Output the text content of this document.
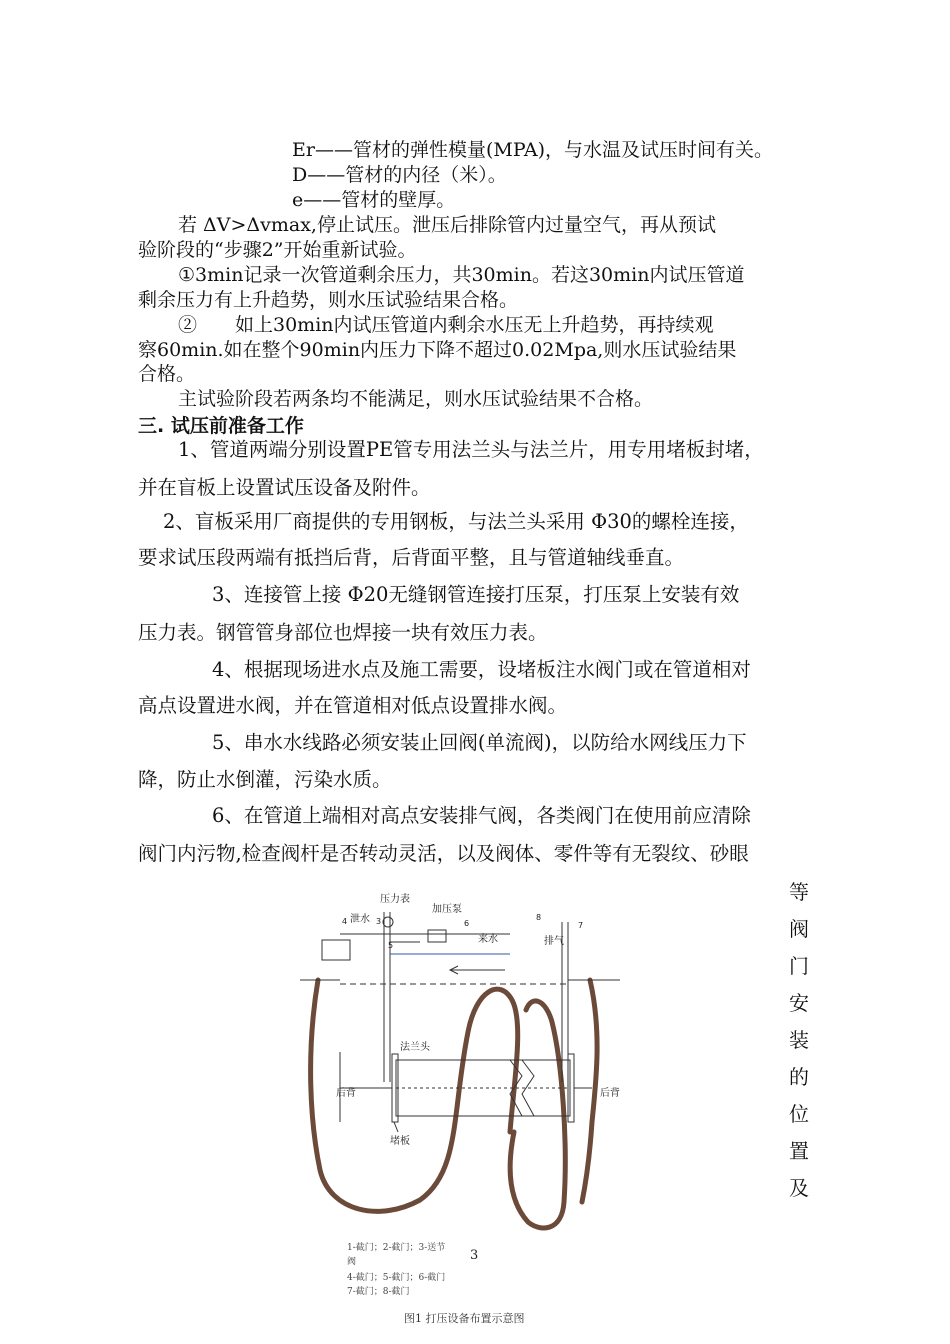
Er——管材的弹性模量(MPA)，与水温及试压时间有关。
D——管材的内径（米）。
e——管材的壁厚。
若 ΔV>Δvmax,停止试压。泄压后排除管内过量空气，再从预试
验阶段的“步骤2”开始重新试验。
①3min记录一次管道剩余压力，共30min。若这30min内试压管道
剩余压力有上升趋势，则水压试验结果合格。
②　　如上30min内试压管道内剩余水压无上升趋势，再持续观
察60min.如在整个90min内压力下降不超过0.02Mpa,则水压试验结果
合格。
主试验阶段若两条均不能满足，则水压试验结果不合格。
三. 试压前准备工作
1、管道两端分别设置PE管专用法兰头与法兰片，用专用堵板封堵，
并在盲板上设置试压设备及附件。
2、盲板采用厂商提供的专用钢板，与法兰头采用 Φ30的螺栓连接，
要求试压段两端有抵挡后背，后背面平整，且与管道轴线垂直。
3、连接管上接 Φ20无缝钢管连接打压泵，打压泵上安装有效
压力表。钢管管身部位也焊接一块有效压力表。
4、根据现场进水点及施工需要，设堵板注水阀门或在管道相对
高点设置进水阀，并在管道相对低点设置排水阀。
5、串水水线路必须安装止回阀(单流阀)，以防给水网线压力下
降，防止水倒灌，污染水质。
6、在管道上端相对高点安装排气阀，各类阀门在使用前应清除
阀门内污物,检查阀杆是否转动灵活，以及阀体、零件等有无裂纹、砂眼
等
阀
门
安
装
的
位
置
及
压力表
加压泵
泄水
来水	排气
法兰头
后背	后背
堵板
3
4
5
6	7
8
1-截门；2-截门；3-送节
阀
4-截门；5-截门；6-截门
7-截门；8-截门
3
图1 打压设备布置示意图
